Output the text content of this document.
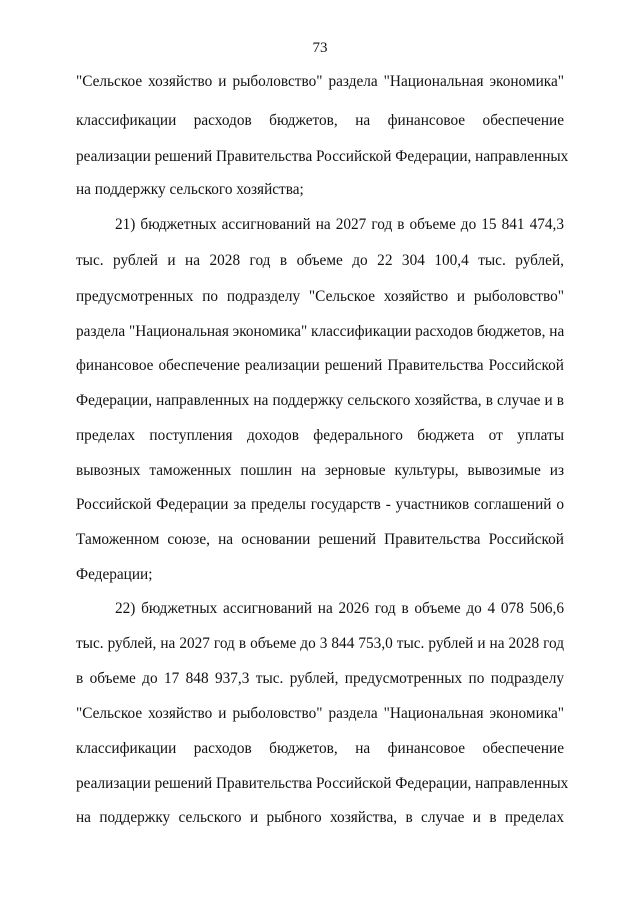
73
"Сельское хозяйство и рыболовство" раздела "Национальная экономика"
классификации расходов бюджетов, на финансовое обеспечение
реализации решений Правительства Российской Федерации, направленных
на поддержку сельского хозяйства;
21) бюджетных ассигнований на 2027 год в объеме до 15 841 474,3
тыс. рублей и на 2028 год в объеме до 22 304 100,4 тыс. рублей,
предусмотренных по подразделу "Сельское хозяйство и рыболовство"
раздела "Национальная экономика" классификации расходов бюджетов, на
финансовое обеспечение реализации решений Правительства Российской
Федерации, направленных на поддержку сельского хозяйства, в случае и в
пределах поступления доходов федерального бюджета от уплаты
вывозных таможенных пошлин на зерновые культуры, вывозимые из
Российской Федерации за пределы государств - участников соглашений о
Таможенном союзе, на основании решений Правительства Российской
Федерации;
22) бюджетных ассигнований на 2026 год в объеме до 4 078 506,6
тыс. рублей, на 2027 год в объеме до 3 844 753,0 тыс. рублей и на 2028 год
в объеме до 17 848 937,3 тыс. рублей, предусмотренных по подразделу
"Сельское хозяйство и рыболовство" раздела "Национальная экономика"
классификации расходов бюджетов, на финансовое обеспечение
реализации решений Правительства Российской Федерации, направленных
на поддержку сельского и рыбного хозяйства, в случае и в пределах
